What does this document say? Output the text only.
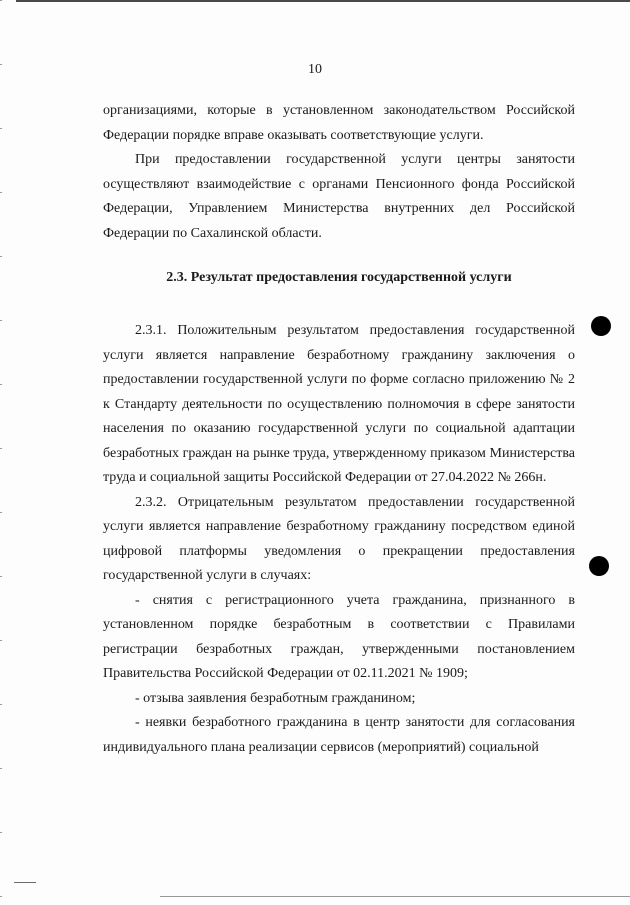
10

организациями, которые в установленном законодательством Российской Федерации порядке вправе оказывать соответствующие услуги.

При предоставлении государственной услуги центры занятости осуществляют взаимодействие с органами Пенсионного фонда Российской Федерации, Управлением Министерства внутренних дел Российской Федерации по Сахалинской области.

2.3. Результат предоставления государственной услуги

2.3.1. Положительным результатом предоставления государственной услуги является направление безработному гражданину заключения о предоставлении государственной услуги по форме согласно приложению № 2 к Стандарту деятельности по осуществлению полномочия в сфере занятости населения по оказанию государственной услуги по социальной адаптации безработных граждан на рынке труда, утвержденному приказом Министерства труда и социальной защиты Российской Федерации от 27.04.2022 № 266н.

2.3.2. Отрицательным результатом предоставлении государственной услуги является направление безработному гражданину посредством единой цифровой платформы уведомления о прекращении предоставления государственной услуги в случаях:

- снятия с регистрационного учета гражданина, признанного в установленном порядке безработным в соответствии с Правилами регистрации безработных граждан, утвержденными постановлением Правительства Российской Федерации от 02.11.2021 № 1909;

- отзыва заявления безработным гражданином;

- неявки безработного гражданина в центр занятости для согласования индивидуального плана реализации сервисов (мероприятий) социальной
